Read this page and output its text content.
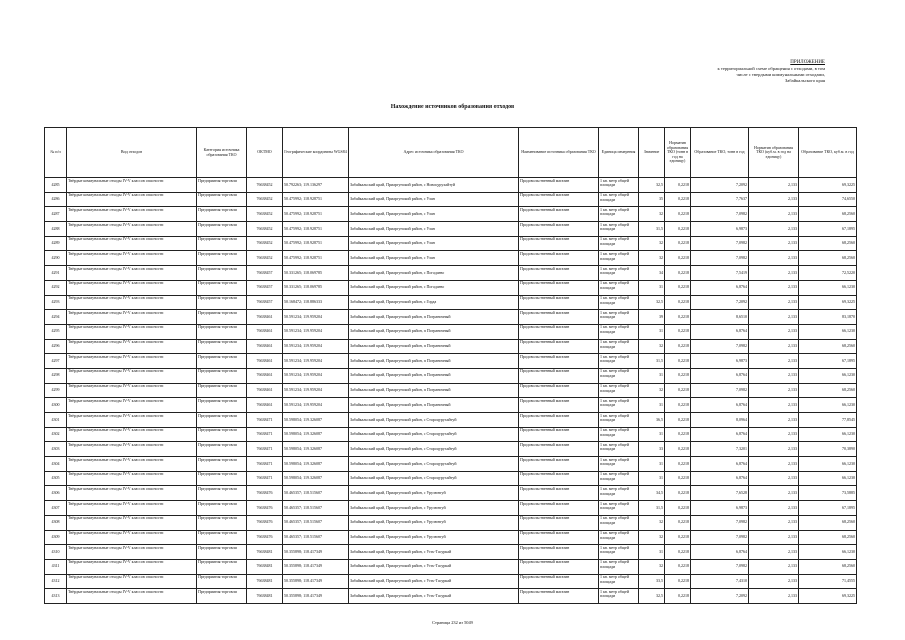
ПРИЛОЖЕНИЕ
к территориальной схеме обращения с отходами, в том
числе с твердыми коммунальными отходами,
Забайкальского края
Нахождение источников образования отходов
№ п/п	Вид отходов	Категория источника образования ТКО	ОКТМО	Географические координаты WGS84	Адрес источника образования ТКО	Наименование источника образования ТКО	Единица измерения	Значение	Норматив образования ТКО (тонн в год на единицу)	Образование ТКО, тонн в год	Норматив образования ТКО (куб.м. в год на единицу)	Образование ТКО, куб.м. в год
4285	Твёрдые коммунальные отходы IV-V классов опасности	Предприятия торговли	76638452	50.792263; 119.136297	Забайкальский край, Приаргунский район, с Новоцурухайтуй	Продовольственный магазин	1 кв. метр общей площади	32,5	0,2218	7,2092	2,133	69,3225
4286	Твёрдые коммунальные отходы IV-V классов опасности	Предприятия торговли	76638452	50.475992; 118.928751	Забайкальский край, Приаргунский район, с Улан	Продовольственный магазин	1 кв. метр общей площади	35	0,2218	7,7637	2,133	74,6550
4287	Твёрдые коммунальные отходы IV-V классов опасности	Предприятия торговли	76638452	50.475992; 118.928751	Забайкальский край, Приаргунский район, с Улан	Продовольственный магазин	1 кв. метр общей площади	32	0,2218	7,0982	2,133	68,2560
4288	Твёрдые коммунальные отходы IV-V классов опасности	Предприятия торговли	76638452	50.475992; 118.928751	Забайкальский край, Приаргунский район, с Улан	Продовольственный магазин	1 кв. метр общей площади	31,5	0,2218	6,9873	2,133	67,1895
4289	Твёрдые коммунальные отходы IV-V классов опасности	Предприятия торговли	76638452	50.475992; 118.928751	Забайкальский край, Приаргунский район, с Улан	Продовольственный магазин	1 кв. метр общей площади	32	0,2218	7,0982	2,133	68,2560
4290	Твёрдые коммунальные отходы IV-V классов опасности	Предприятия торговли	76638452	50.475992; 118.928751	Забайкальский край, Приаргунский район, с Улан	Продовольственный магазин	1 кв. метр общей площади	32	0,2218	7,0982	2,133	68,2560
4291	Твёрдые коммунальные отходы IV-V классов опасности	Предприятия торговли	76638457	50.331265; 118.069785	Забайкальский край, Приаргунский район, с Погадаево	Продовольственный магазин	1 кв. метр общей площади	34	0,2218	7,5419	2,133	72,5220
4292	Твёрдые коммунальные отходы IV-V классов опасности	Предприятия торговли	76638457	50.331265; 118.069785	Забайкальский край, Приаргунский район, с Погадаево	Продовольственный магазин	1 кв. метр общей площади	31	0,2218	6,8764	2,133	66,1230
4293	Твёрдые коммунальные отходы IV-V классов опасности	Предприятия торговли	76638457	50.168472; 118.886333	Забайкальский край, Приаргунский район, с Горда	Продовольственный магазин	1 кв. метр общей площади	32,5	0,2218	7,2092	2,133	69,3225
4294	Твёрдые коммунальные отходы IV-V классов опасности	Предприятия торговли	76638461	50.591234; 119.959204	Забайкальский край, Приаргунский район, п Пограничный	Продовольственный магазин	1 кв. метр общей площади	39	0,2218	8,6510	2,133	83,1870
4295	Твёрдые коммунальные отходы IV-V классов опасности	Предприятия торговли	76638461	50.591234; 119.959204	Забайкальский край, Приаргунский район, п Пограничный	Продовольственный магазин	1 кв. метр общей площади	31	0,2218	6,8764	2,133	66,1230
4296	Твёрдые коммунальные отходы IV-V классов опасности	Предприятия торговли	76638461	50.591234; 119.959204	Забайкальский край, Приаргунский район, п Пограничный	Продовольственный магазин	1 кв. метр общей площади	32	0,2218	7,0982	2,133	68,2560
4297	Твёрдые коммунальные отходы IV-V классов опасности	Предприятия торговли	76638461	50.591234; 119.959204	Забайкальский край, Приаргунский район, п Пограничный	Продовольственный магазин	1 кв. метр общей площади	31,5	0,2218	6,9873	2,133	67,1895
4298	Твёрдые коммунальные отходы IV-V классов опасности	Предприятия торговли	76638461	50.591234; 119.959204	Забайкальский край, Приаргунский район, п Пограничный	Продовольственный магазин	1 кв. метр общей площади	31	0,2218	6,8764	2,133	66,1230
4299	Твёрдые коммунальные отходы IV-V классов опасности	Предприятия торговли	76638461	50.591234; 119.959204	Забайкальский край, Приаргунский район, п Пограничный	Продовольственный магазин	1 кв. метр общей площади	32	0,2218	7,0982	2,133	68,2560
4300	Твёрдые коммунальные отходы IV-V классов опасности	Предприятия торговли	76638461	50.591234; 119.959204	Забайкальский край, Приаргунский район, п Пограничный	Продовольственный магазин	1 кв. метр общей площади	31	0,2218	6,8764	2,133	66,1230
4301	Твёрдые коммунальные отходы IV-V классов опасности	Предприятия торговли	76638471	50.598054; 119.326087	Забайкальский край, Приаргунский район, с Староцурухайтуй	Продовольственный магазин	1 кв. метр общей площади	36,5	0,2218	8,0964	2,133	77,8545
4302	Твёрдые коммунальные отходы IV-V классов опасности	Предприятия торговли	76638471	50.598054; 119.326087	Забайкальский край, Приаргунский район, с Староцурухайтуй	Продовольственный магазин	1 кв. метр общей площади	31	0,2218	6,8764	2,133	66,1230
4303	Твёрдые коммунальные отходы IV-V классов опасности	Предприятия торговли	76638471	50.598054; 119.326087	Забайкальский край, Приаргунский район, с Староцурухайтуй	Продовольственный магазин	1 кв. метр общей площади	33	0,2218	7,3201	2,133	70,3890
4304	Твёрдые коммунальные отходы IV-V классов опасности	Предприятия торговли	76638471	50.598054; 119.326087	Забайкальский край, Приаргунский район, с Староцурухайтуй	Продовольственный магазин	1 кв. метр общей площади	31	0,2218	6,8764	2,133	66,1230
4305	Твёрдые коммунальные отходы IV-V классов опасности	Предприятия торговли	76638471	50.598054; 119.326087	Забайкальский край, Приаргунский район, с Староцурухайтуй	Продовольственный магазин	1 кв. метр общей площади	31	0,2218	6,8764	2,133	66,1230
4306	Твёрдые коммунальные отходы IV-V классов опасности	Предприятия торговли	76638476	50.465357; 118.515607	Забайкальский край, Приаргунский район, с Урулюнгуй	Продовольственный магазин	1 кв. метр общей площади	34,5	0,2218	7,6528	2,133	73,5885
4307	Твёрдые коммунальные отходы IV-V классов опасности	Предприятия торговли	76638476	50.465357; 118.515607	Забайкальский край, Приаргунский район, с Урулюнгуй	Продовольственный магазин	1 кв. метр общей площади	31,5	0,2218	6,9873	2,133	67,1895
4308	Твёрдые коммунальные отходы IV-V классов опасности	Предприятия торговли	76638476	50.465357; 118.515607	Забайкальский край, Приаргунский район, с Урулюнгуй	Продовольственный магазин	1 кв. метр общей площади	32	0,2218	7,0982	2,133	68,2560
4309	Твёрдые коммунальные отходы IV-V классов опасности	Предприятия торговли	76638476	50.465357; 118.515607	Забайкальский край, Приаргунский район, с Урулюнгуй	Продовольственный магазин	1 кв. метр общей площади	32	0,2218	7,0982	2,133	68,2560
4310	Твёрдые коммунальные отходы IV-V классов опасности	Предприятия торговли	76638481	50.355898; 118.417349	Забайкальский край, Приаргунский район, с Усть-Тасуркай	Продовольственный магазин	1 кв. метр общей площади	31	0,2218	6,8764	2,133	66,1230
4311	Твёрдые коммунальные отходы IV-V классов опасности	Предприятия торговли	76638481	50.355898; 118.417349	Забайкальский край, Приаргунский район, с Усть-Тасуркай	Продовольственный магазин	1 кв. метр общей площади	32	0,2218	7,0982	2,133	68,2560
4312	Твёрдые коммунальные отходы IV-V классов опасности	Предприятия торговли	76638481	50.355898; 118.417349	Забайкальский край, Приаргунский район, с Усть-Тасуркай	Продовольственный магазин	1 кв. метр общей площади	33,5	0,2218	7,4310	2,133	71,4555
4313	Твёрдые коммунальные отходы IV-V классов опасности	Предприятия торговли	76638481	50.355898; 118.417349	Забайкальский край, Приаргунский район, с Усть-Тасуркай	Продовольственный магазин	1 кв. метр общей площади	32,5	0,2218	7,2092	2,133	69,3225
Страница 232 из 5049
